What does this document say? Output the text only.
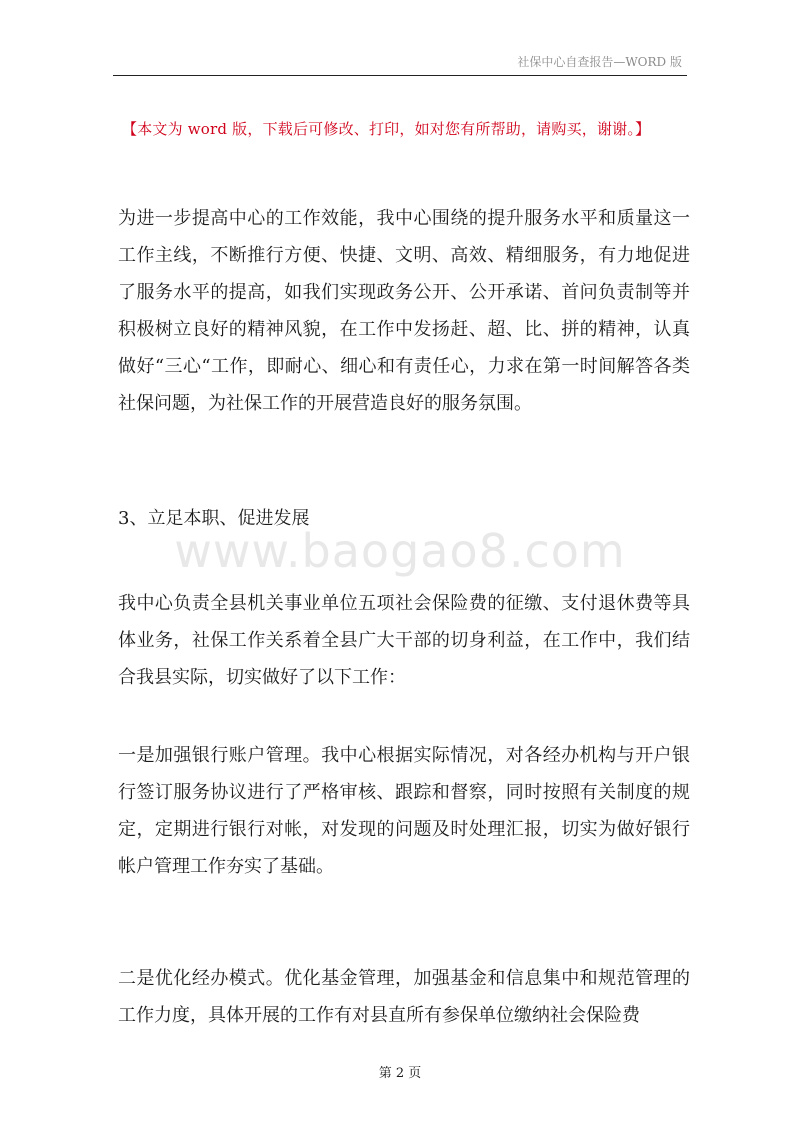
社保中心自查报告—WORD 版
【本文为 word 版，下载后可修改、打印，如对您有所帮助，请购买，谢谢。】
为进一步提高中心的工作效能，我中心围绕的提升服务水平和质量这一工作主线，不断推行方便、快捷、文明、高效、精细服务，有力地促进了服务水平的提高，如我们实现政务公开、公开承诺、首问负责制等并积极树立良好的精神风貌，在工作中发扬赶、超、比、拼的精神，认真做好“三心“工作，即耐心、细心和有责任心，力求在第一时间解答各类社保问题，为社保工作的开展营造良好的服务氛围。
3、立足本职、促进发展
www.baogao8.com
我中心负责全县机关事业单位五项社会保险费的征缴、支付退休费等具体业务，社保工作关系着全县广大干部的切身利益，在工作中，我们结合我县实际，切实做好了以下工作：
一是加强银行账户管理。我中心根据实际情况，对各经办机构与开户银行签订服务协议进行了严格审核、跟踪和督察，同时按照有关制度的规定，定期进行银行对帐，对发现的问题及时处理汇报，切实为做好银行帐户管理工作夯实了基础。
二是优化经办模式。优化基金管理，加强基金和信息集中和规范管理的工作力度，具体开展的工作有对县直所有参保单位缴纳社会保险费
第 2 页
